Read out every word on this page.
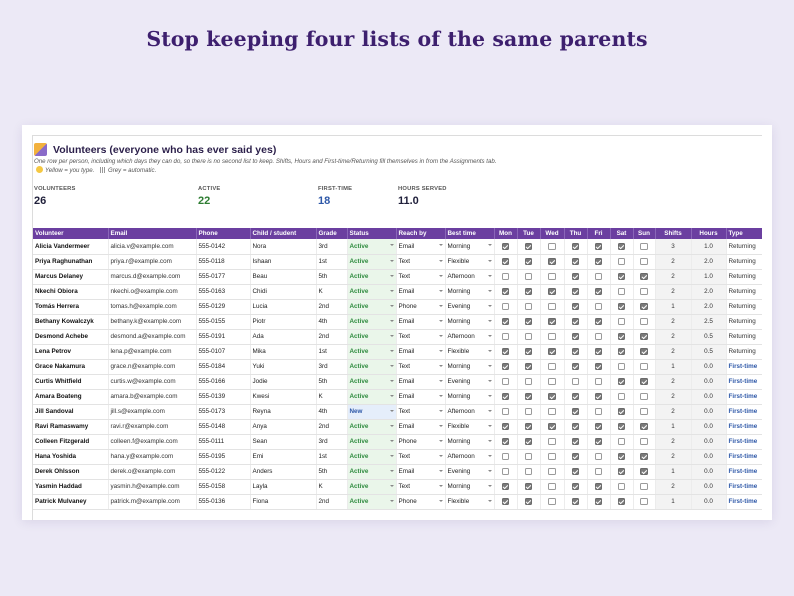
Stop keeping four lists of the same parents
Volunteers (everyone who has ever said yes)
One row per person, including which days they can do, so there is no second list to keep. Shifts, Hours and First-time/Returning fill themselves in from the Assignments tab.
Yellow = you type. Grey = automatic.
VOLUNTEERS
26
ACTIVE
22
FIRST-TIME
18
HOURS SERVED
11.0
Volunteer	Email	Phone	Child / student	Grade	Status	Reach by	Best time	Mon	Tue	Wed	Thu	Fri	Sat	Sun	Shifts	Hours	Type
Alicia Vandermeer	alicia.v@example.com	555-0142	Nora	3rd	Active	Email	Morning								3	1.0	Returning
Priya Raghunathan	priya.r@example.com	555-0118	Ishaan	1st	Active	Text	Flexible								2	2.0	Returning
Marcus Delaney	marcus.d@example.com	555-0177	Beau	5th	Active	Text	Afternoon								2	1.0	Returning
Nkechi Obiora	nkechi.o@example.com	555-0163	Chidi	K	Active	Email	Morning								2	2.0	Returning
Tomás Herrera	tomas.h@example.com	555-0129	Lucia	2nd	Active	Phone	Evening								1	2.0	Returning
Bethany Kowalczyk	bethany.k@example.com	555-0155	Piotr	4th	Active	Email	Morning								2	2.5	Returning
Desmond Achebe	desmond.a@example.com	555-0191	Ada	2nd	Active	Text	Afternoon								2	0.5	Returning
Lena Petrov	lena.p@example.com	555-0107	Mika	1st	Active	Email	Flexible								2	0.5	Returning
Grace Nakamura	grace.n@example.com	555-0184	Yuki	3rd	Active	Text	Morning								1	0.0	First-time
Curtis Whitfield	curtis.w@example.com	555-0166	Jodie	5th	Active	Email	Evening								2	0.0	First-time
Amara Boateng	amara.b@example.com	555-0139	Kwesi	K	Active	Email	Morning								2	0.0	First-time
Jill Sandoval	jill.s@example.com	555-0173	Reyna	4th	New	Text	Afternoon								2	0.0	First-time
Ravi Ramaswamy	ravi.r@example.com	555-0148	Anya	2nd	Active	Email	Flexible								1	0.0	First-time
Colleen Fitzgerald	colleen.f@example.com	555-0111	Sean	3rd	Active	Phone	Morning								2	0.0	First-time
Hana Yoshida	hana.y@example.com	555-0195	Emi	1st	Active	Text	Afternoon								2	0.0	First-time
Derek Ohlsson	derek.o@example.com	555-0122	Anders	5th	Active	Email	Evening								1	0.0	First-time
Yasmin Haddad	yasmin.h@example.com	555-0158	Layla	K	Active	Text	Morning								2	0.0	First-time
Patrick Mulvaney	patrick.m@example.com	555-0136	Fiona	2nd	Active	Phone	Flexible								1	0.0	First-time
